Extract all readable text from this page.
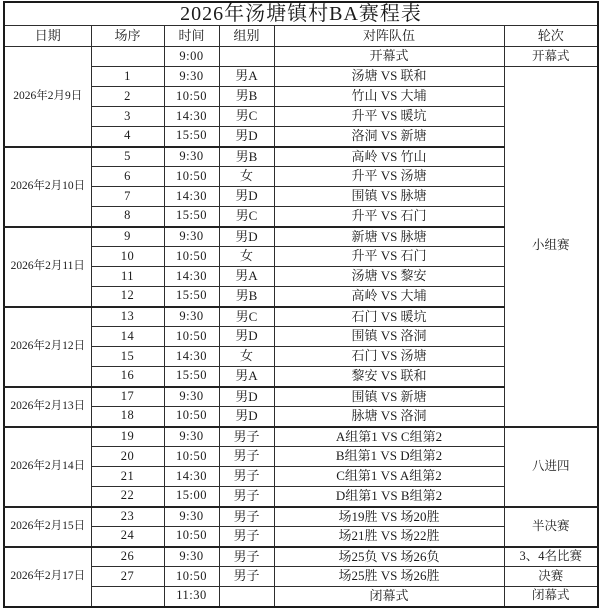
2026年汤塘镇村BA赛程表					
日期	场序	时间	组别	对阵队伍	轮次
2026年2月9日		9:00		开幕式	开幕式
	1	9:30	男A	汤塘 VS 联和	小组赛
	2	10:50	男B	竹山 VS 大埔	
	3	14:30	男C	升平 VS 暖坑	
	4	15:50	男D	洛洞 VS 新塘	
2026年2月10日	5	9:30	男B	高岭 VS 竹山	
	6	10:50	女	升平 VS 汤塘	
	7	14:30	男D	围镇 VS 脉塘	
	8	15:50	男C	升平 VS 石门	
2026年2月11日	9	9:30	男D	新塘 VS 脉塘	
	10	10:50	女	升平 VS 石门	
	11	14:30	男A	汤塘 VS 黎安	
	12	15:50	男B	高岭 VS 大埔	
2026年2月12日	13	9:30	男C	石门 VS 暖坑	
	14	10:50	男D	围镇 VS 洛洞	
	15	14:30	女	石门 VS 汤塘	
	16	15:50	男A	黎安 VS 联和	
2026年2月13日	17	9:30	男D	围镇 VS 新塘	
	18	10:50	男D	脉塘 VS 洛洞	
2026年2月14日	19	9:30	男子	A组第1 VS C组第2	八进四
	20	10:50	男子	B组第1 VS D组第2	
	21	14:30	男子	C组第1 VS A组第2	
	22	15:00	男子	D组第1 VS B组第2	
2026年2月15日	23	9:30	男子	场19胜 VS 场20胜	半决赛
	24	10:50	男子	场21胜 VS 场22胜	
2026年2月17日	26	9:30	男子	场25负 VS 场26负	3、4名比赛
	27	10:50	男子	场25胜 VS 场26胜	决赛
		11:30		闭幕式	闭幕式
